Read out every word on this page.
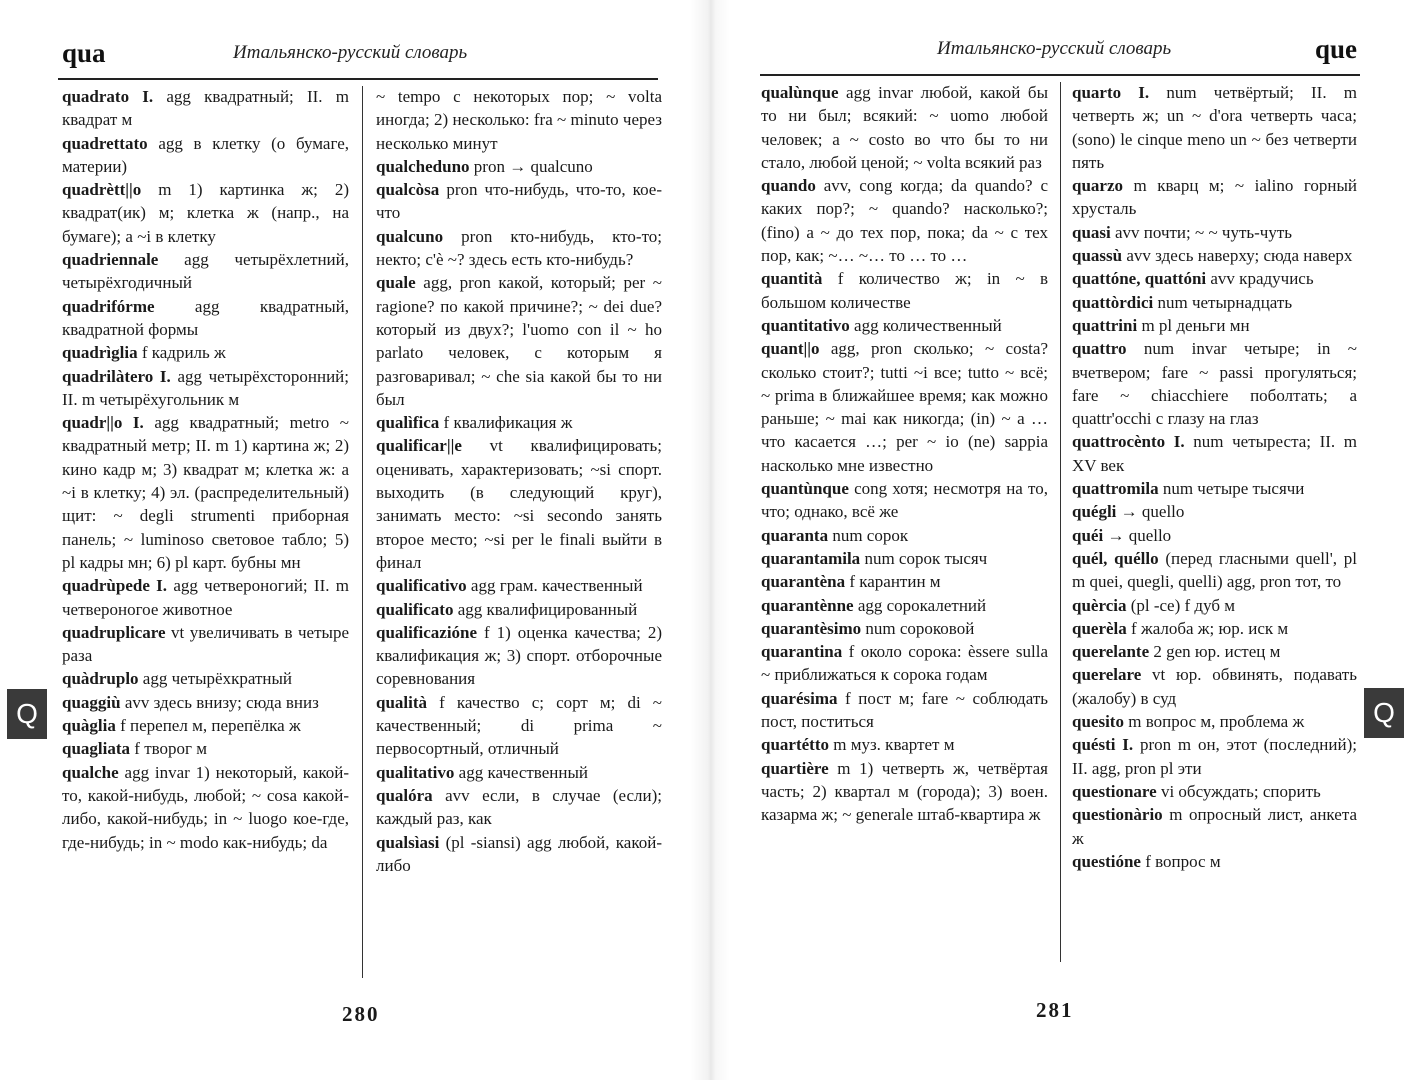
qua	Итальянско-русский словарь

quadrato I. agg квадратный; II. m квадрат м

quadrettato agg в клетку (о бумаге, материи)

quadrètt||o m 1) картинка ж; 2) квадрат(ик) м; клетка ж (напр., на бумаге); a ~i в клетку

quadriennale agg четырёхлетний, четырёхгодичный

quadrifórme agg квадратный, квадратной формы

quadrìglia f кадриль ж

quadrilàtero I. agg четырёхсторонний; II. m четырёхугольник м

quadr||o I. agg квадратный; metro ~ квадратный метр; II. m 1) картина ж; 2) кино кадр м; 3) квадрат м; клетка ж: a ~i в клетку; 4) эл. (распределительный) щит: ~ degli strumenti приборная панель; ~ luminoso световое табло; 5) pl кадры мн; 6) pl карт. бубны мн

quadrùpede I. agg четвероногий; II. m четвероногое животное

quadruplicare vt увеличивать в четыре раза

quàdruplo agg четырёхкратный

quaggiù avv здесь внизу; сюда вниз

quàglia f перепел м, перепёлка ж

quagliata f творог м

qualche agg invar 1) некоторый, какой-то, какой-нибудь, любой; ~ cosa какой-либо, какой-нибудь; in ~ luogo кое-где, где-нибудь; in ~ modo как-нибудь; da

~ tempo с некоторых пор; ~ volta иногда; 2) несколько: fra ~ minuto через несколько минут

qualcheduno pron → qualcuno

qualcòsa pron что-нибудь, что-то, кое-что

qualcuno pron кто-нибудь, кто-то; некто; c'è ~? здесь есть кто-нибудь?

quale agg, pron какой, который; per ~ ragione? по какой причине?; ~ dei due? который из двух?; l'uomo con il ~ ho parlato человек, с которым я разговаривал; ~ che sia какой бы то ни был

qualìfica f квалификация ж

qualificar||e vt квалифицировать; оценивать, характеризовать; ~si спорт. выходить (в следующий круг), занимать место: ~si secondo занять второе место; ~si per le finali выйти в финал

qualificativo agg грам. качественный

qualificato agg квалифицированный

qualificazióne f 1) оценка качества; 2) квалификация ж; 3) спорт. отборочные соревнования

qualità f качество с; сорт м; di ~ качественный; di prima ~ первосортный, отличный

qualitativo agg качественный

qualóra avv если, в случае (если); каждый раз, как

qualsìasi (pl -siansi) agg любой, какой-либо

Q
280
que
Итальянско-русский словарь

qualùnque agg invar любой, какой бы то ни был; всякий: ~ uomo любой человек; a ~ costo во что бы то ни стало, любой ценой; ~ volta всякий раз

quando avv, cong когда; da quando? с каких пор?; ~ quando? насколько?; (fino) a ~ до тех пор, пока; da ~ с тех пор, как; ~… ~… то … то …

quantità f количество ж; in ~ в большом количестве

quantitativo agg количественный

quant||o agg, pron сколько; ~ costa? сколько стоит?; tutti ~i все; tutto ~ всё; ~ prima в ближайшее время; как можно раньше; ~ mai как никогда; (in) ~ a … что касается …; per ~ io (ne) sappia насколько мне известно

quantùnque cong хотя; несмотря на то, что; однако, всё же

quaranta num сорок

quarantamila num сорок тысяч

quarantèna f карантин м

quarantènne agg сорокалетний

quarantèsimo num сороковой

quarantina f около сорока: èssere sulla ~ приближаться к сорока годам

quarésima f пост м; fare ~ соблюдать пост, поститься

quartétto m муз. квартет м

quartière m 1) четверть ж, четвёртая часть; 2) квартал м (города); 3) воен. казарма ж; ~ generale штаб-квартира ж

quarto I. num четвёртый; II. m четверть ж; un ~ d'ora четверть часа; (sono) le cinque meno un ~ без четверти пять

quarzo m кварц м; ~ ialino горный хрусталь

quasi avv почти; ~ ~ чуть-чуть

quassù avv здесь наверху; сюда наверх

quattóne, quattóni avv крадучись

quattòrdici num четырнадцать

quattrini m pl деньги мн

quattro num invar четыре; in ~ вчетвером; fare ~ passi прогуляться; fare ~ chiacchiere поболтать; a quattr'occhi с глазу на глаз

quattrocènto I. num четыреста; II. m XV век

quattromila num четыре тысячи

quégli → quello

quéi → quello

quél, quéllo (перед гласными quell', pl m quei, quegli, quelli) agg, pron тот, то

quèrcia (pl -ce) f дуб м

querèla f жалоба ж; юр. иск м

querelante 2 gen юр. истец м

querelare vt юр. обвинять, подавать (жалобу) в суд

quesito m вопрос м, проблема ж

quésti I. pron m он, этот (последний); II. agg, pron pl эти

questionare vi обсуждать; спорить

questionàrio m опросный лист, анкета ж

questióne f вопрос м

Q
281
